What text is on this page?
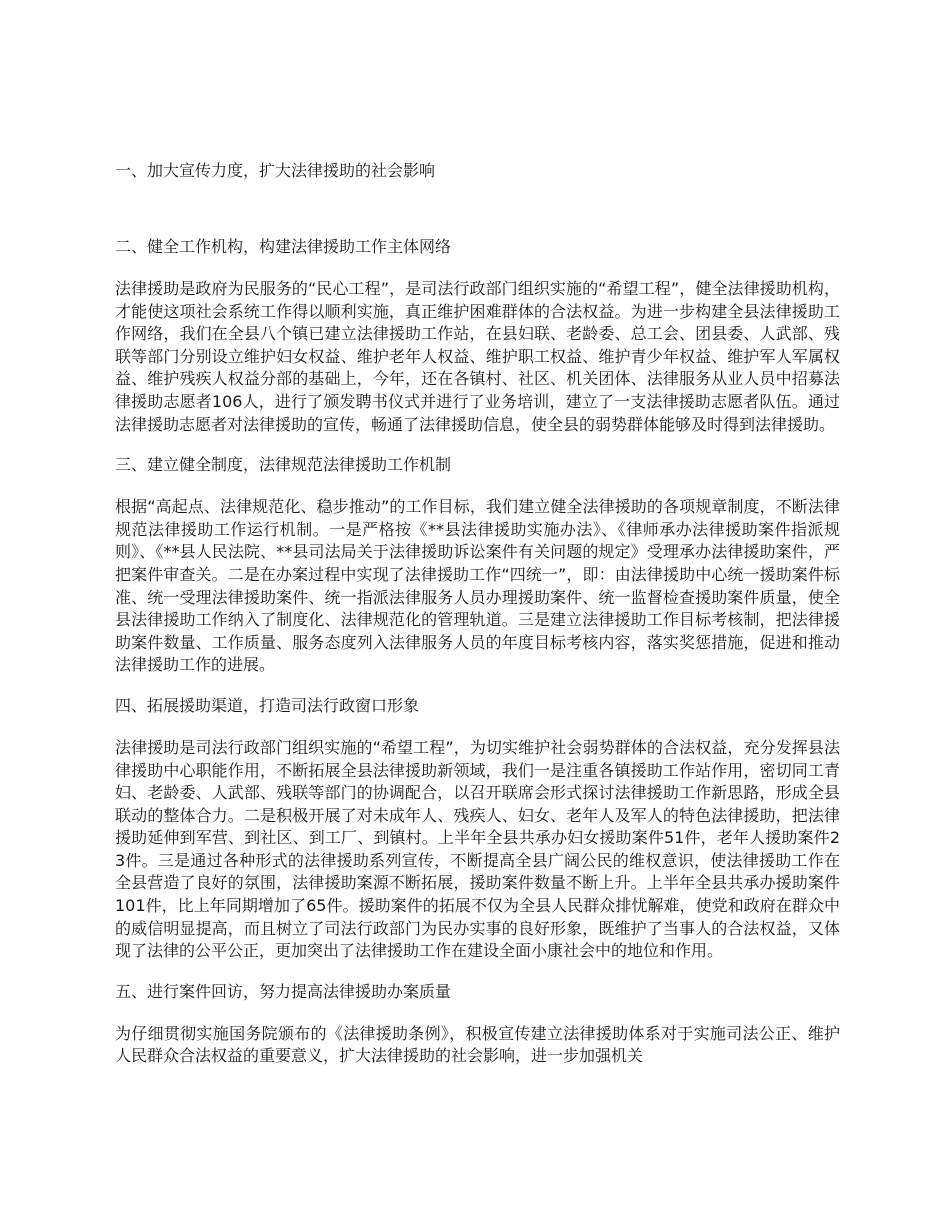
一、加大宣传力度，扩大法律援助的社会影响
二、健全工作机构，构建法律援助工作主体网络

法律援助是政府为民服务的“民心工程”，是司法行政部门组织实施的“希望工程”，健全法律援助机构，才能使这项社会系统工作得以顺利实施，真正维护困难群体的合法权益。为进一步构建全县法律援助工作网络，我们在全县八个镇已建立法律援助工作站，在县妇联、老龄委、总工会、团县委、人武部、残联等部门分别设立维护妇女权益、维护老年人权益、维护职工权益、维护青少年权益、维护军人军属权益、维护残疾人权益分部的基础上，今年，还在各镇村、社区、机关团体、法律服务从业人员中招募法律援助志愿者106人，进行了颁发聘书仪式并进行了业务培训，建立了一支法律援助志愿者队伍。通过法律援助志愿者对法律援助的宣传，畅通了法律援助信息，使全县的弱势群体能够及时得到法律援助。

三、建立健全制度，法律规范法律援助工作机制

根据“高起点、法律规范化、稳步推动”的工作目标，我们建立健全法律援助的各项规章制度，不断法律规范法律援助工作运行机制。一是严格按《**县法律援助实施办法》、《律师承办法律援助案件指派规则》、《**县人民法院、**县司法局关于法律援助诉讼案件有关问题的规定》受理承办法律援助案件，严把案件审查关。二是在办案过程中实现了法律援助工作“四统一”，即：由法律援助中心统一援助案件标准、统一受理法律援助案件、统一指派法律服务人员办理援助案件、统一监督检查援助案件质量，使全县法律援助工作纳入了制度化、法律规范化的管理轨道。三是建立法律援助工作目标考核制，把法律援助案件数量、工作质量、服务态度列入法律服务人员的年度目标考核内容，落实奖惩措施，促进和推动法律援助工作的进展。

四、拓展援助渠道，打造司法行政窗口形象

法律援助是司法行政部门组织实施的“希望工程”，为切实维护社会弱势群体的合法权益，充分发挥县法律援助中心职能作用，不断拓展全县法律援助新领域，我们一是注重各镇援助工作站作用，密切同工青妇、老龄委、人武部、残联等部门的协调配合，以召开联席会形式探讨法律援助工作新思路，形成全县联动的整体合力。二是积极开展了对未成年人、残疾人、妇女、老年人及军人的特色法律援助，把法律援助延伸到军营、到社区、到工厂、到镇村。上半年全县共承办妇女援助案件51件，老年人援助案件23件。三是通过各种形式的法律援助系列宣传，不断提高全县广阔公民的维权意识，使法律援助工作在全县营造了良好的氛围，法律援助案源不断拓展，援助案件数量不断上升。上半年全县共承办援助案件101件，比上年同期增加了65件。援助案件的拓展不仅为全县人民群众排忧解难，使党和政府在群众中的威信明显提高，而且树立了司法行政部门为民办实事的良好形象，既维护了当事人的合法权益，又体现了法律的公平公正，更加突出了法律援助工作在建设全面小康社会中的地位和作用。

五、进行案件回访，努力提高法律援助办案质量

为仔细贯彻实施国务院颁布的《法律援助条例》，积极宣传建立法律援助体系对于实施司法公正、维护人民群众合法权益的重要意义，扩大法律援助的社会影响，进一步加强机关
